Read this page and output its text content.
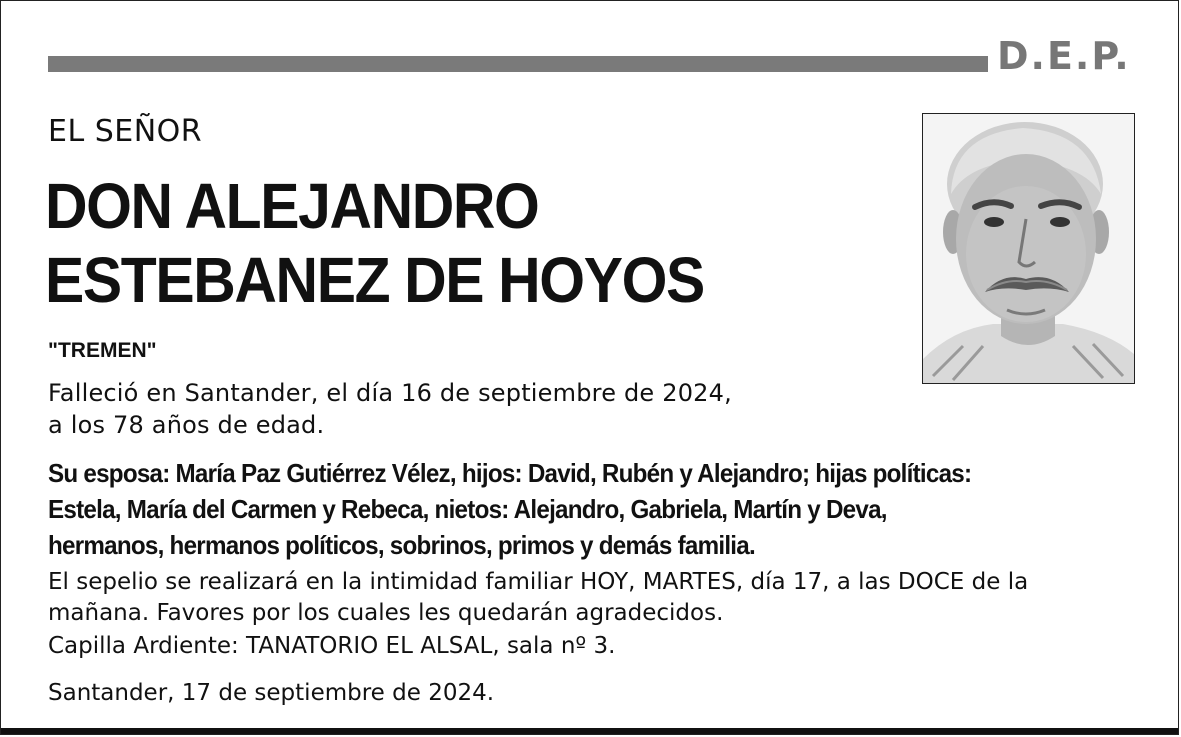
D.E.P.
EL SEÑOR
DON ALEJANDRO
ESTEBANEZ DE HOYOS
"TREMEN"

Falleció en Santander, el día 16 de septiembre de 2024,
a los 78 años de edad.

Su esposa: María Paz Gutiérrez Vélez, hijos: David, Rubén y Alejandro; hijas políticas:
Estela, María del Carmen y Rebeca, nietos: Alejandro, Gabriela, Martín y Deva,
hermanos, hermanos políticos, sobrinos, primos y demás familia.

El sepelio se realizará en la intimidad familiar HOY, MARTES, día 17, a las DOCE de la
mañana. Favores por los cuales les quedarán agradecidos.

Capilla Ardiente: TANATORIO EL ALSAL, sala nº 3.

Santander, 17 de septiembre de 2024.
